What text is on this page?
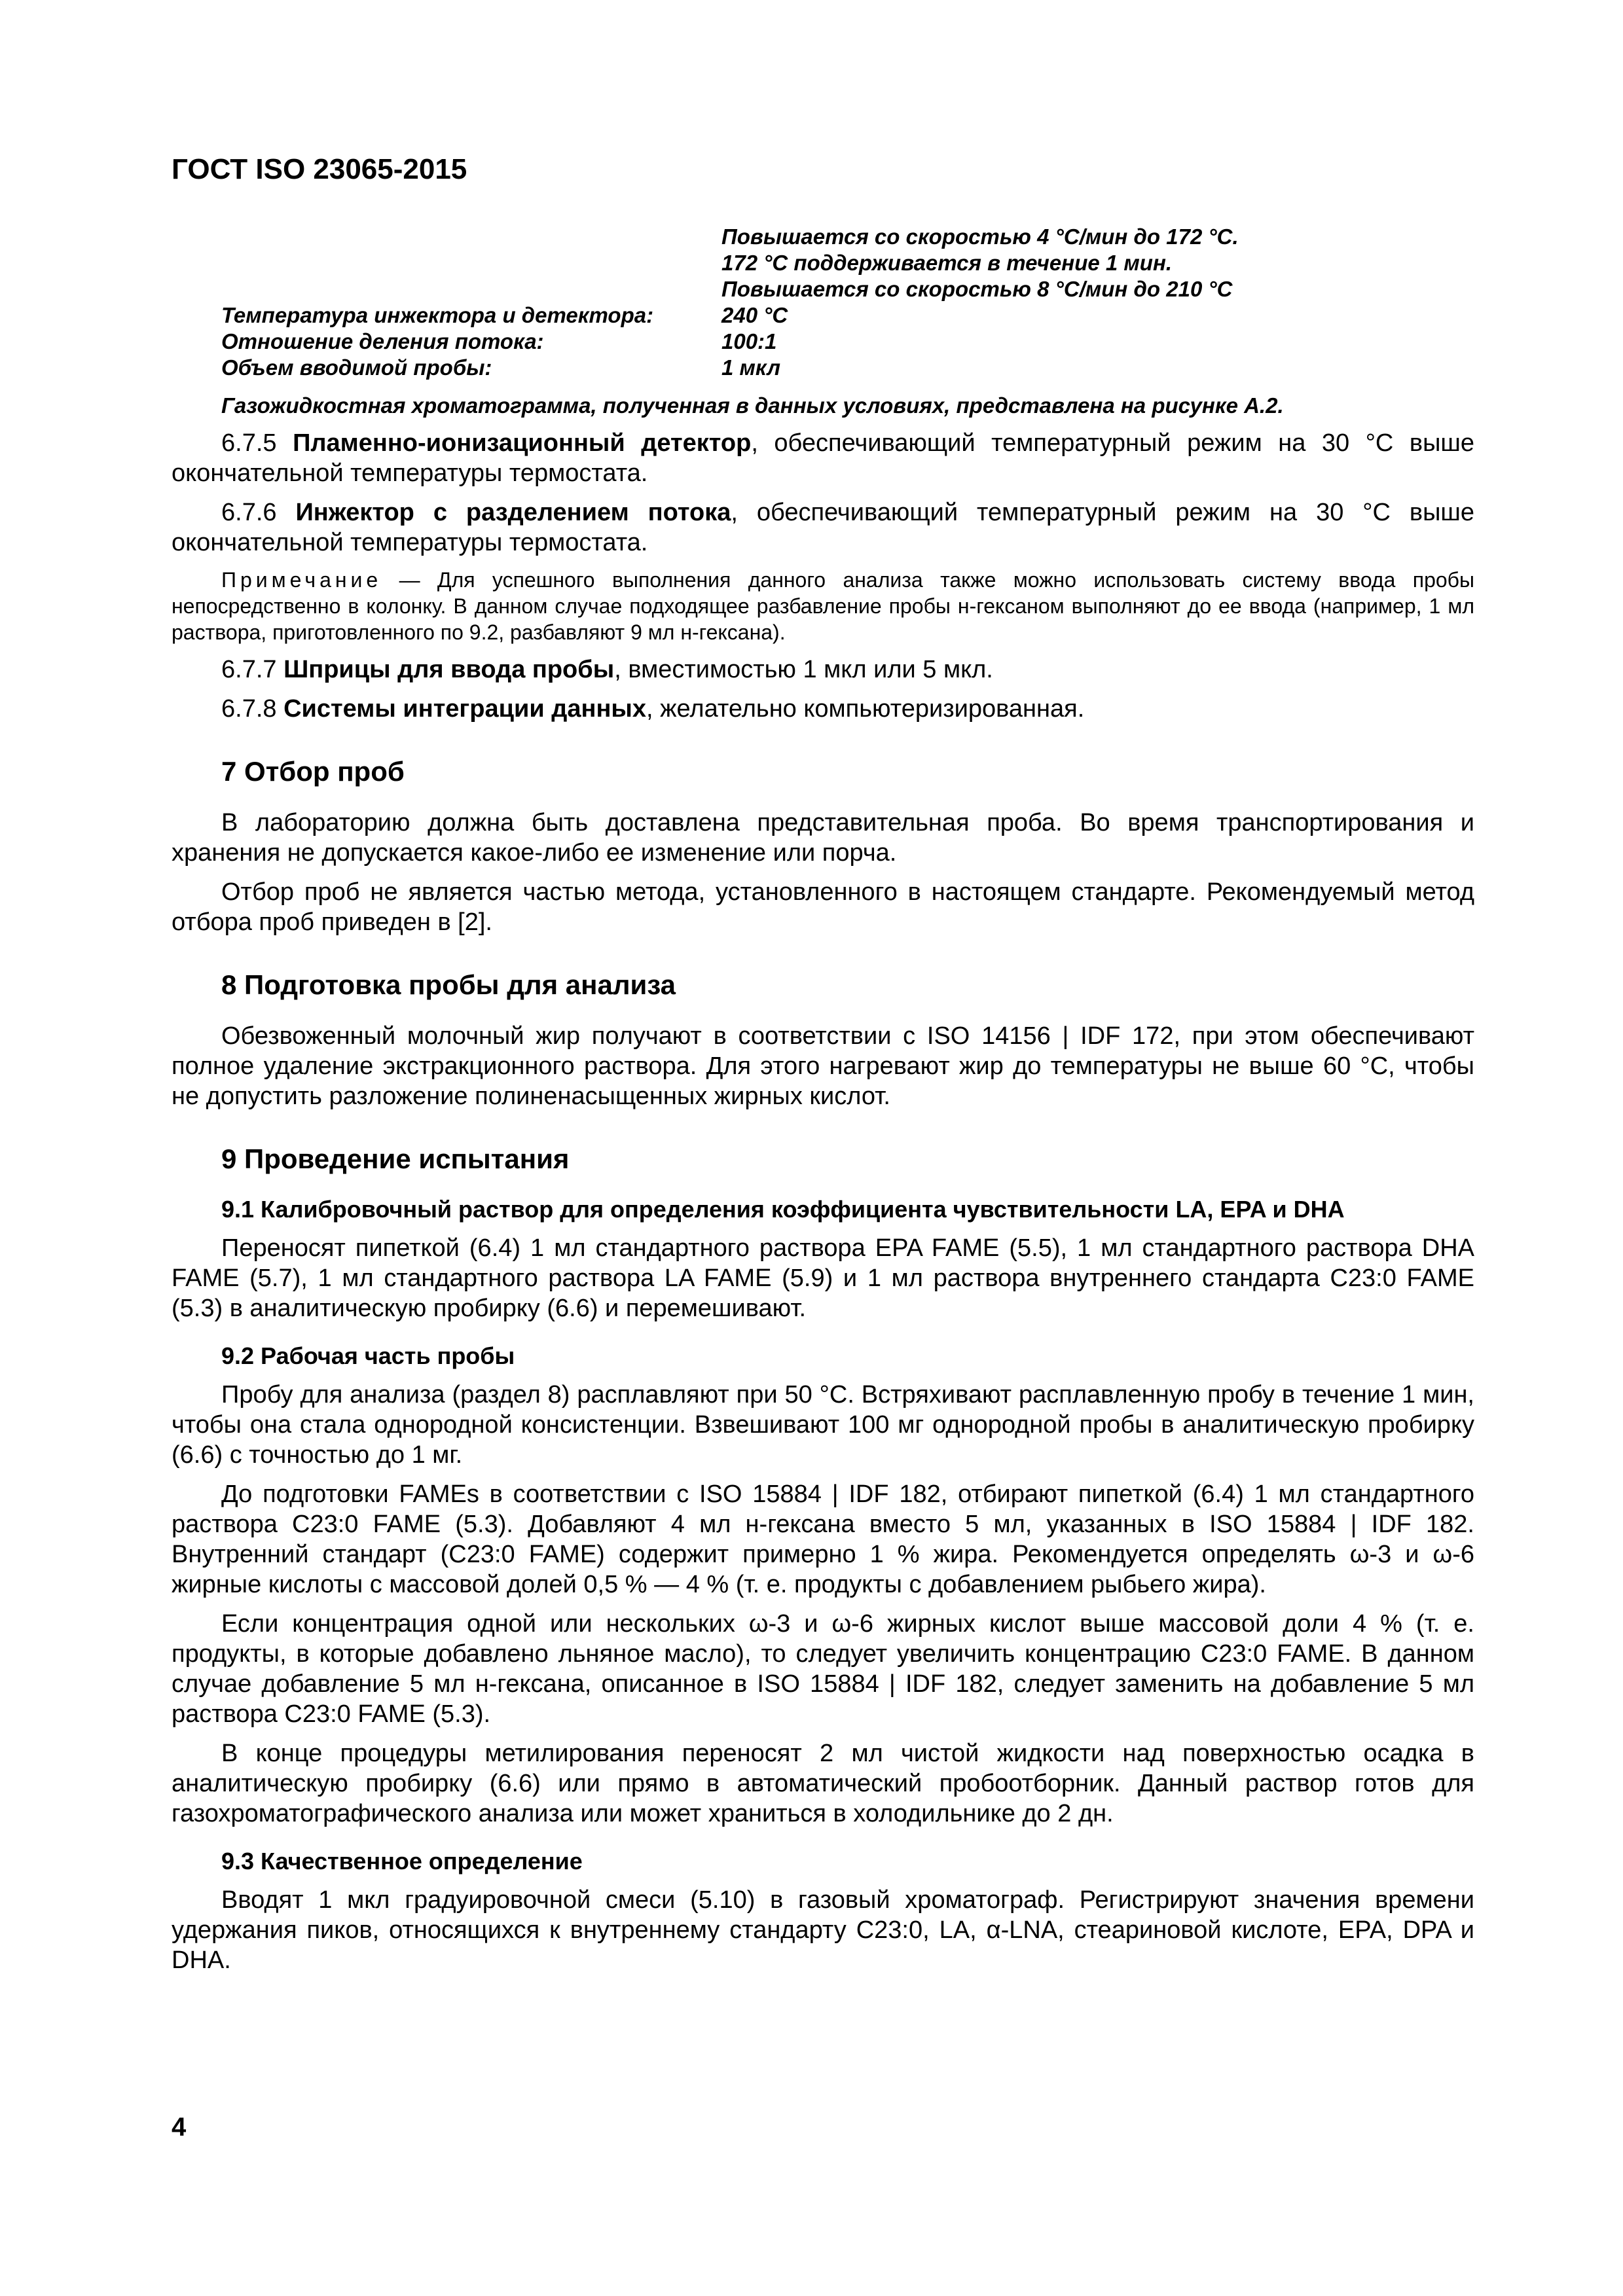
ГОСТ ISO 23065-2015
Повышается со скоростью 4 °С/мин до 172 °С.
172 °С поддерживается в течение 1 мин.
Повышается со скоростью 8 °С/мин до 210 °С
Температура инжектора и детектора:	240 °С
Отношение деления потока:	100:1
Объем вводимой пробы:	1 мкл
Газожидкостная хроматограмма, полученная в данных условиях, представлена на рисунке А.2.

6.7.5 Пламенно-ионизационный детектор, обеспечивающий температурный режим на 30 °С выше окончательной температуры термостата.

6.7.6 Инжектор с разделением потока, обеспечивающий температурный режим на 30 °С выше окончательной температуры термостата.

Примечание — Для успешного выполнения данного анализа также можно использовать систему ввода пробы непосредственно в колонку. В данном случае подходящее разбавление пробы н-гексаном выполняют до ее ввода (например, 1 мл раствора, приготовленного по 9.2, разбавляют 9 мл н-гексана).

6.7.7 Шприцы для ввода пробы, вместимостью 1 мкл или 5 мкл.

6.7.8 Системы интеграции данных, желательно компьютеризированная.

7 Отбор проб

В лабораторию должна быть доставлена представительная проба. Во время транспортирования и хранения не допускается какое-либо ее изменение или порча.

Отбор проб не является частью метода, установленного в настоящем стандарте. Рекомендуемый метод отбора проб приведен в [2].

8 Подготовка пробы для анализа

Обезвоженный молочный жир получают в соответствии с ISO 14156 | IDF 172, при этом обеспечивают полное удаление экстракционного раствора. Для этого нагревают жир до температуры не выше 60 °С, чтобы не допустить разложение полиненасыщенных жирных кислот.

9 Проведение испытания
9.1 Калибровочный раствор для определения коэффициента чувствительности LA, EPA и DHA

Переносят пипеткой (6.4) 1 мл стандартного раствора EPA FAME (5.5), 1 мл стандартного раствора DHA FAME (5.7), 1 мл стандартного раствора LA FAME (5.9) и 1 мл раствора внутреннего стандарта C23:0 FAME (5.3) в аналитическую пробирку (6.6) и перемешивают.

9.2 Рабочая часть пробы

Пробу для анализа (раздел 8) расплавляют при 50 °С. Встряхивают расплавленную пробу в течение 1 мин, чтобы она стала однородной консистенции. Взвешивают 100 мг однородной пробы в аналитическую пробирку (6.6) с точностью до 1 мг.

До подготовки FAMEs в соответствии с ISO 15884 | IDF 182, отбирают пипеткой (6.4) 1 мл стандартного раствора C23:0 FAME (5.3). Добавляют 4 мл н-гексана вместо 5 мл, указанных в ISO 15884 | IDF 182. Внутренний стандарт (C23:0 FAME) содержит примерно 1 % жира. Рекомендуется определять ω-3 и ω-6 жирные кислоты с массовой долей 0,5 % — 4 % (т. е. продукты с добавлением рыбьего жира).

Если концентрация одной или нескольких ω-3 и ω-6 жирных кислот выше массовой доли 4 % (т. е. продукты, в которые добавлено льняное масло), то следует увеличить концентрацию C23:0 FAME. В данном случае добавление 5 мл н-гексана, описанное в ISO 15884 | IDF 182, следует заменить на добавление 5 мл раствора C23:0 FAME (5.3).

В конце процедуры метилирования переносят 2 мл чистой жидкости над поверхностью осадка в аналитическую пробирку (6.6) или прямо в автоматический пробоотборник. Данный раствор готов для газохроматографического анализа или может храниться в холодильнике до 2 дн.

9.3 Качественное определение

Вводят 1 мкл градуировочной смеси (5.10) в газовый хроматограф. Регистрируют значения времени удержания пиков, относящихся к внутреннему стандарту C23:0, LA, α-LNA, стеариновой кислоте, EPA, DPA и DHA.

4
